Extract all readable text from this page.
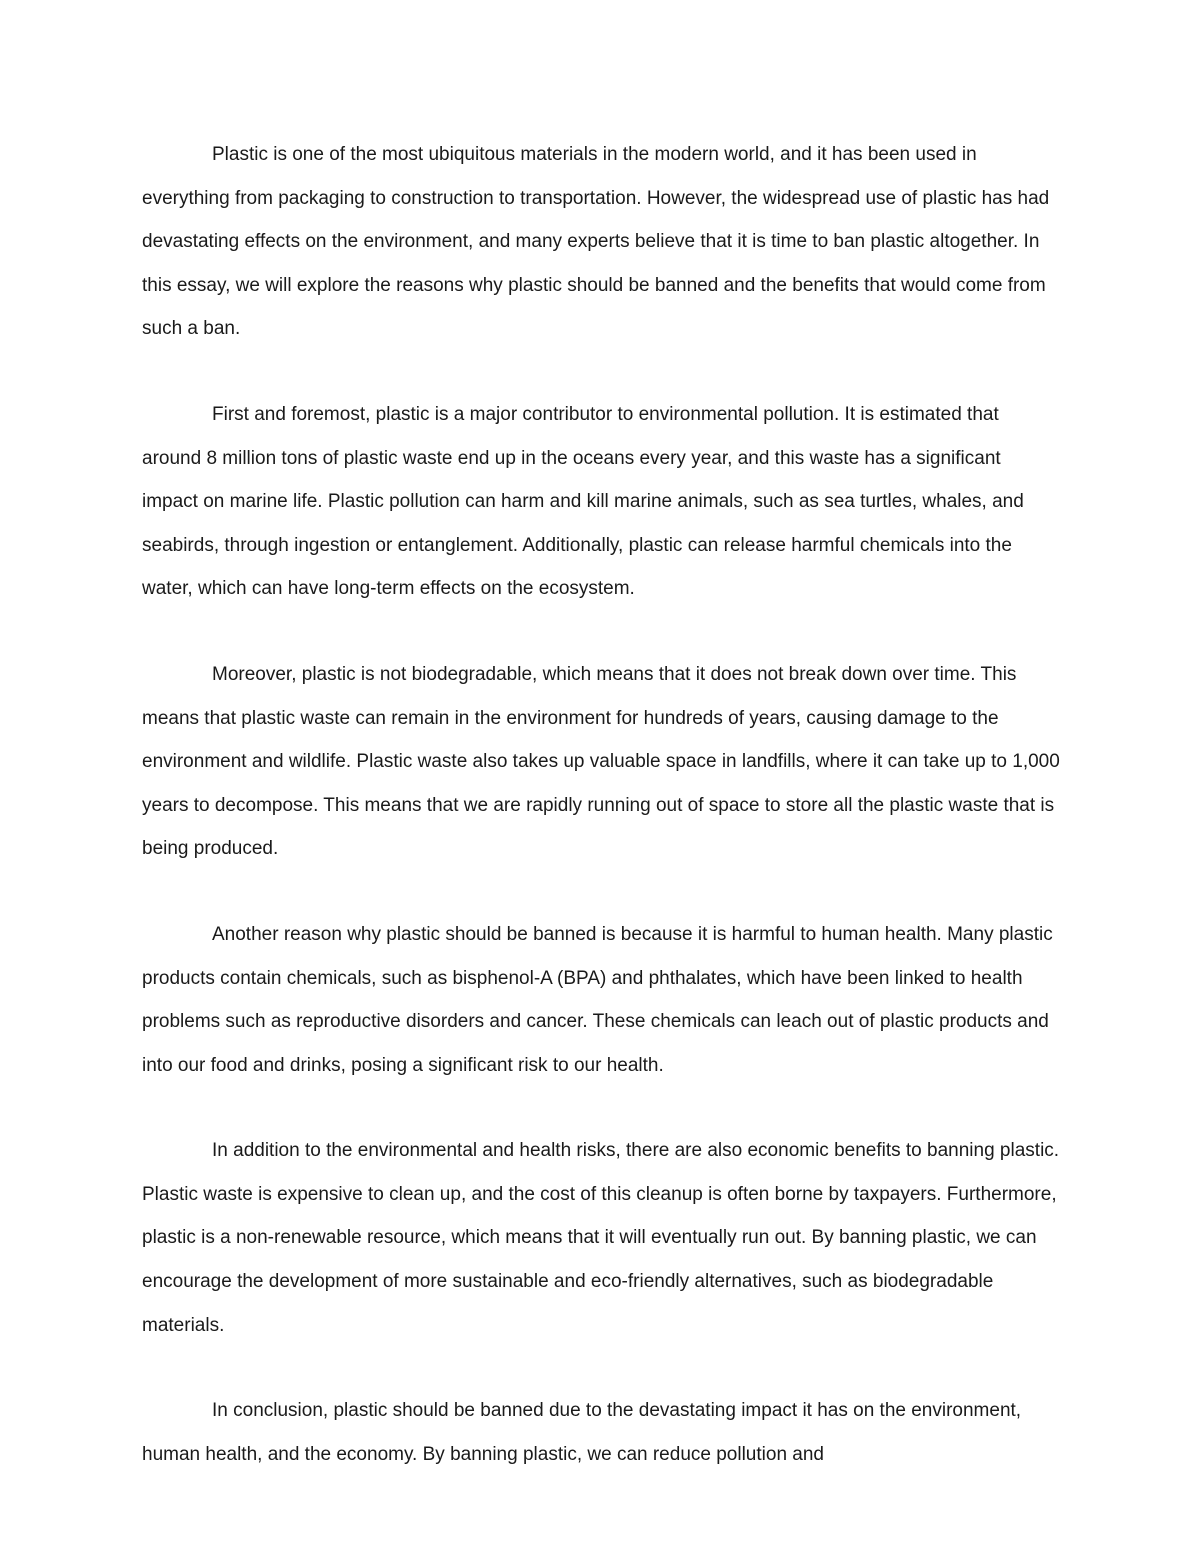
Plastic is one of the most ubiquitous materials in the modern world, and it has been used in everything from packaging to construction to transportation. However, the widespread use of plastic has had devastating effects on the environment, and many experts believe that it is time to ban plastic altogether. In this essay, we will explore the reasons why plastic should be banned and the benefits that would come from such a ban.

First and foremost, plastic is a major contributor to environmental pollution. It is estimated that around 8 million tons of plastic waste end up in the oceans every year, and this waste has a significant impact on marine life. Plastic pollution can harm and kill marine animals, such as sea turtles, whales, and seabirds, through ingestion or entanglement. Additionally, plastic can release harmful chemicals into the water, which can have long-term effects on the ecosystem.

Moreover, plastic is not biodegradable, which means that it does not break down over time. This means that plastic waste can remain in the environment for hundreds of years, causing damage to the environment and wildlife. Plastic waste also takes up valuable space in landfills, where it can take up to 1,000 years to decompose. This means that we are rapidly running out of space to store all the plastic waste that is being produced.

Another reason why plastic should be banned is because it is harmful to human health. Many plastic products contain chemicals, such as bisphenol-A (BPA) and phthalates, which have been linked to health problems such as reproductive disorders and cancer. These chemicals can leach out of plastic products and into our food and drinks, posing a significant risk to our health.

In addition to the environmental and health risks, there are also economic benefits to banning plastic. Plastic waste is expensive to clean up, and the cost of this cleanup is often borne by taxpayers. Furthermore, plastic is a non-renewable resource, which means that it will eventually run out. By banning plastic, we can encourage the development of more sustainable and eco-friendly alternatives, such as biodegradable materials.

In conclusion, plastic should be banned due to the devastating impact it has on the environment, human health, and the economy. By banning plastic, we can reduce pollution and
